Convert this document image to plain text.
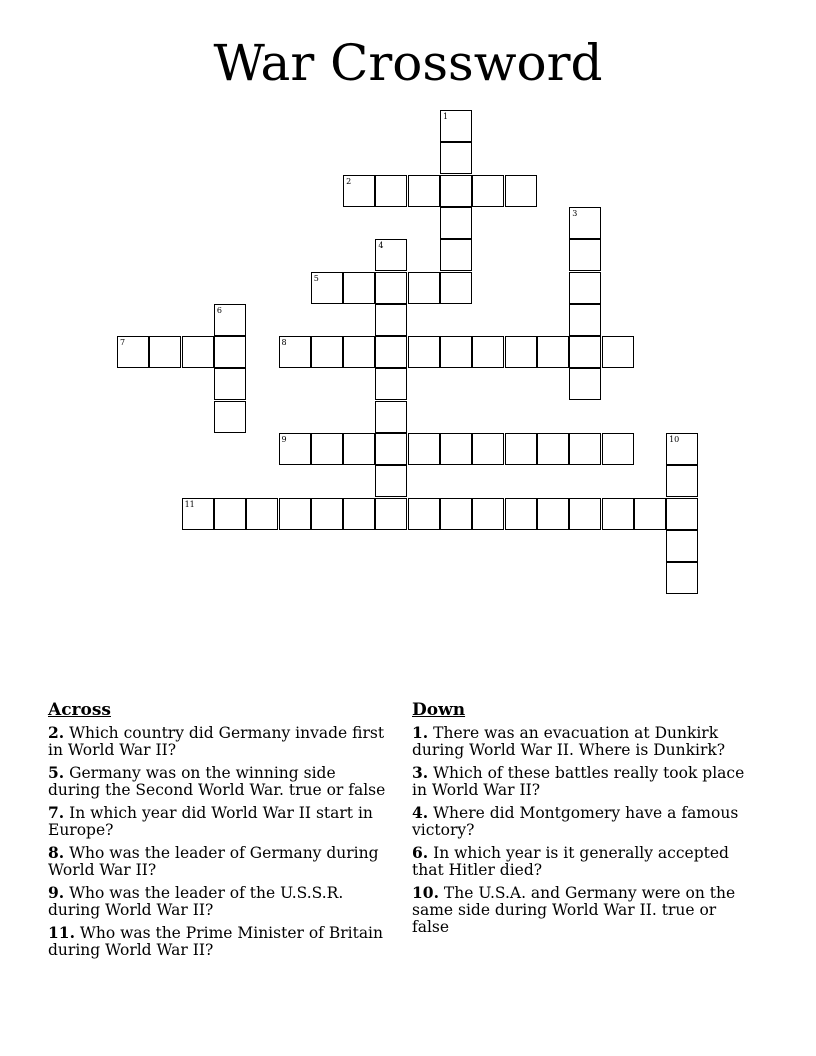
War Crossword
2
5
7	8
9
11
1
3
4
6
10
Across
2. Which country did Germany invade first in World War II?
5. Germany was on the winning side during the Second World War. true or false
7. In which year did World War II start in Europe?
8. Who was the leader of Germany during World War II?
9. Who was the leader of the U.S.S.R. during World War II?
11. Who was the Prime Minister of Britain during World War II?
Down
1. There was an evacuation at Dunkirk during World War II. Where is Dunkirk?
3. Which of these battles really took place in World War II?
4. Where did Montgomery have a famous victory?
6. In which year is it generally accepted that Hitler died?
10. The U.S.A. and Germany were on the same side during World War II. true or false
